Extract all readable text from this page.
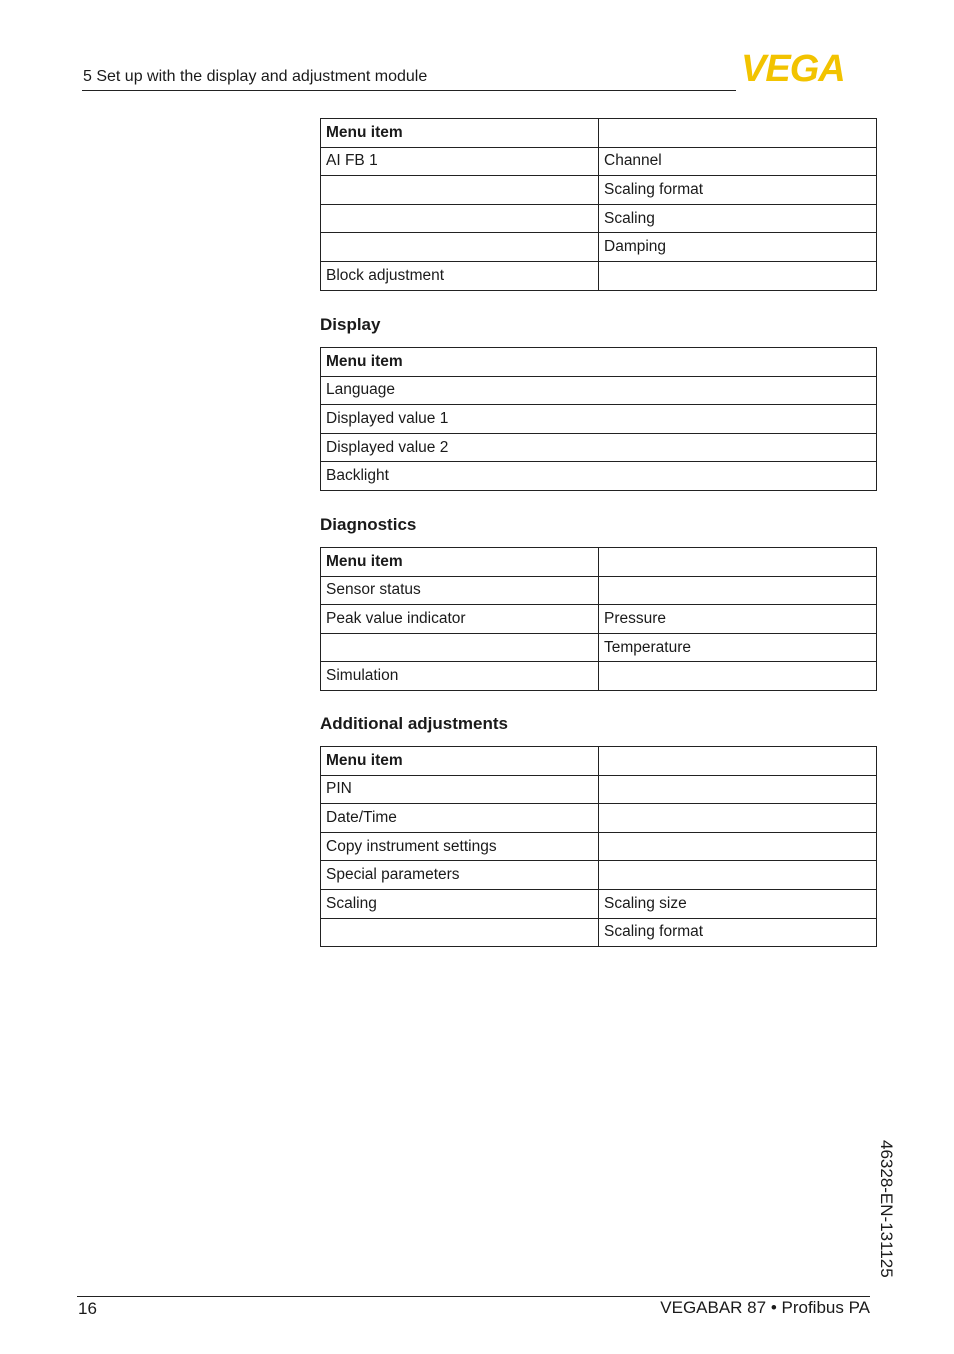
5 Set up with the display and adjustment module	VEGA
Menu item	
AI FB 1	Channel
	Scaling format
	Scaling
	Damping
Block adjustment	
Display
Menu item
Language
Displayed value 1
Displayed value 2
Backlight
Diagnostics
Menu item	
Sensor status	
Peak value indicator	Pressure
	Temperature
Simulation	
Additional adjustments
Menu item	
PIN	
Date/Time	
Copy instrument settings	
Special parameters	
Scaling	Scaling size
	Scaling format
46328-EN-131125
16	VEGABAR 87 • Profibus PA
